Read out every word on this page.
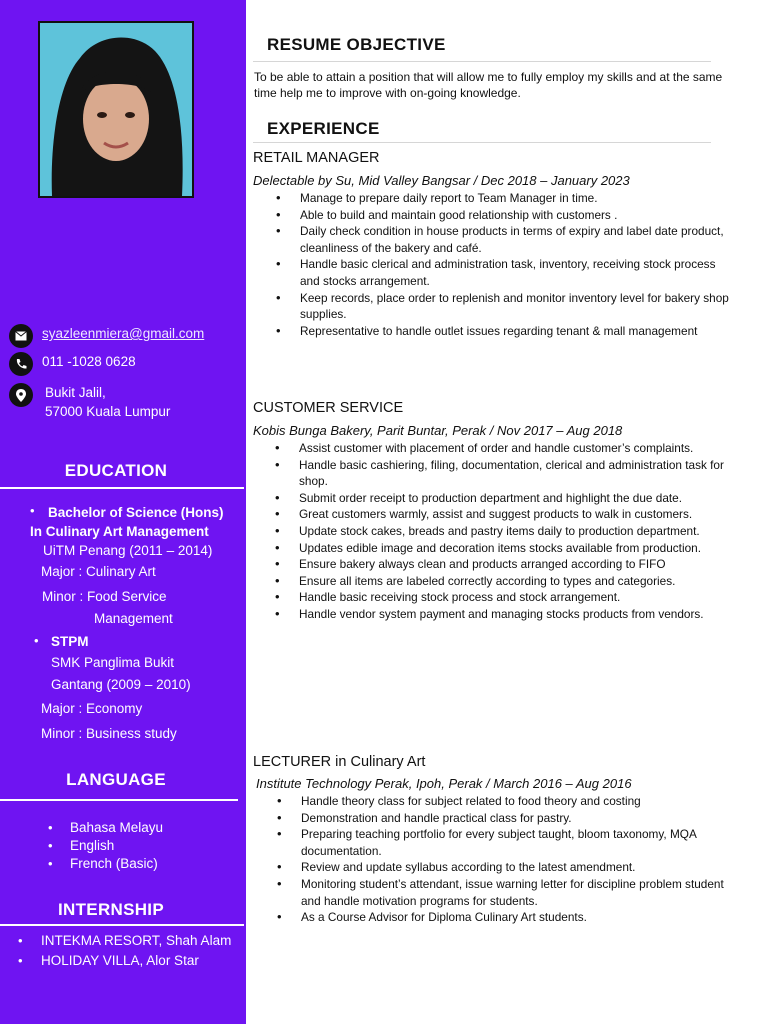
syazleenmiera@gmail.com
011 -1028 0628
Bukit Jalil,
57000 Kuala Lumpur
EDUCATION
• Bachelor of Science (Hons)
In Culinary Art Management
UiTM Penang (2011 – 2014)
Major : Culinary Art
Minor : Food Service
Management
• STPM
SMK Panglima Bukit
Gantang (2009 – 2010)
Major : Economy
Minor : Business study
LANGUAGE
• Bahasa Melayu
• English
• French (Basic)
INTERNSHIP
• INTEKMA RESORT, Shah Alam
• HOLIDAY VILLA, Alor Star
RESUME OBJECTIVE
To be able to attain a position that will allow me to fully employ my skills and at the same time help me to improve with on-going knowledge.
EXPERIENCE
RETAIL MANAGER
Delectable by Su, Mid Valley Bangsar / Dec 2018 – January 2023
• Manage to prepare daily report to Team Manager in time.
• Able to build and maintain good relationship with customers .
• Daily check condition in house products in terms of expiry and label date product, cleanliness of the bakery and café.
• Handle basic clerical and administration task, inventory, receiving stock process and stocks arrangement.
• Keep records, place order to replenish and monitor inventory level for bakery shop supplies.
• Representative to handle outlet issues regarding tenant & mall management
CUSTOMER SERVICE
Kobis Bunga Bakery, Parit Buntar, Perak / Nov 2017 – Aug 2018
• Assist customer with placement of order and handle customer’s complaints.
• Handle basic cashiering, filing, documentation, clerical and administration task for shop.
• Submit order receipt to production department and highlight the due date.
• Great customers warmly, assist and suggest products to walk in customers.
• Update stock cakes, breads and pastry items daily to production department.
• Updates edible image and decoration items stocks available from production.
• Ensure bakery always clean and products arranged according to FIFO
• Ensure all items are labeled correctly according to types and categories.
• Handle basic receiving stock process and stock arrangement.
• Handle vendor system payment and managing stocks products from vendors.
LECTURER in Culinary Art
Institute Technology Perak, Ipoh, Perak / March 2016 – Aug 2016
• Handle theory class for subject related to food theory and costing
• Demonstration and handle practical class for pastry.
• Preparing teaching portfolio for every subject taught, bloom taxonomy, MQA documentation.
• Review and update syllabus according to the latest amendment.
• Monitoring student’s attendant, issue warning letter for discipline problem student and handle motivation programs for students.
• As a Course Advisor for Diploma Culinary Art students.
